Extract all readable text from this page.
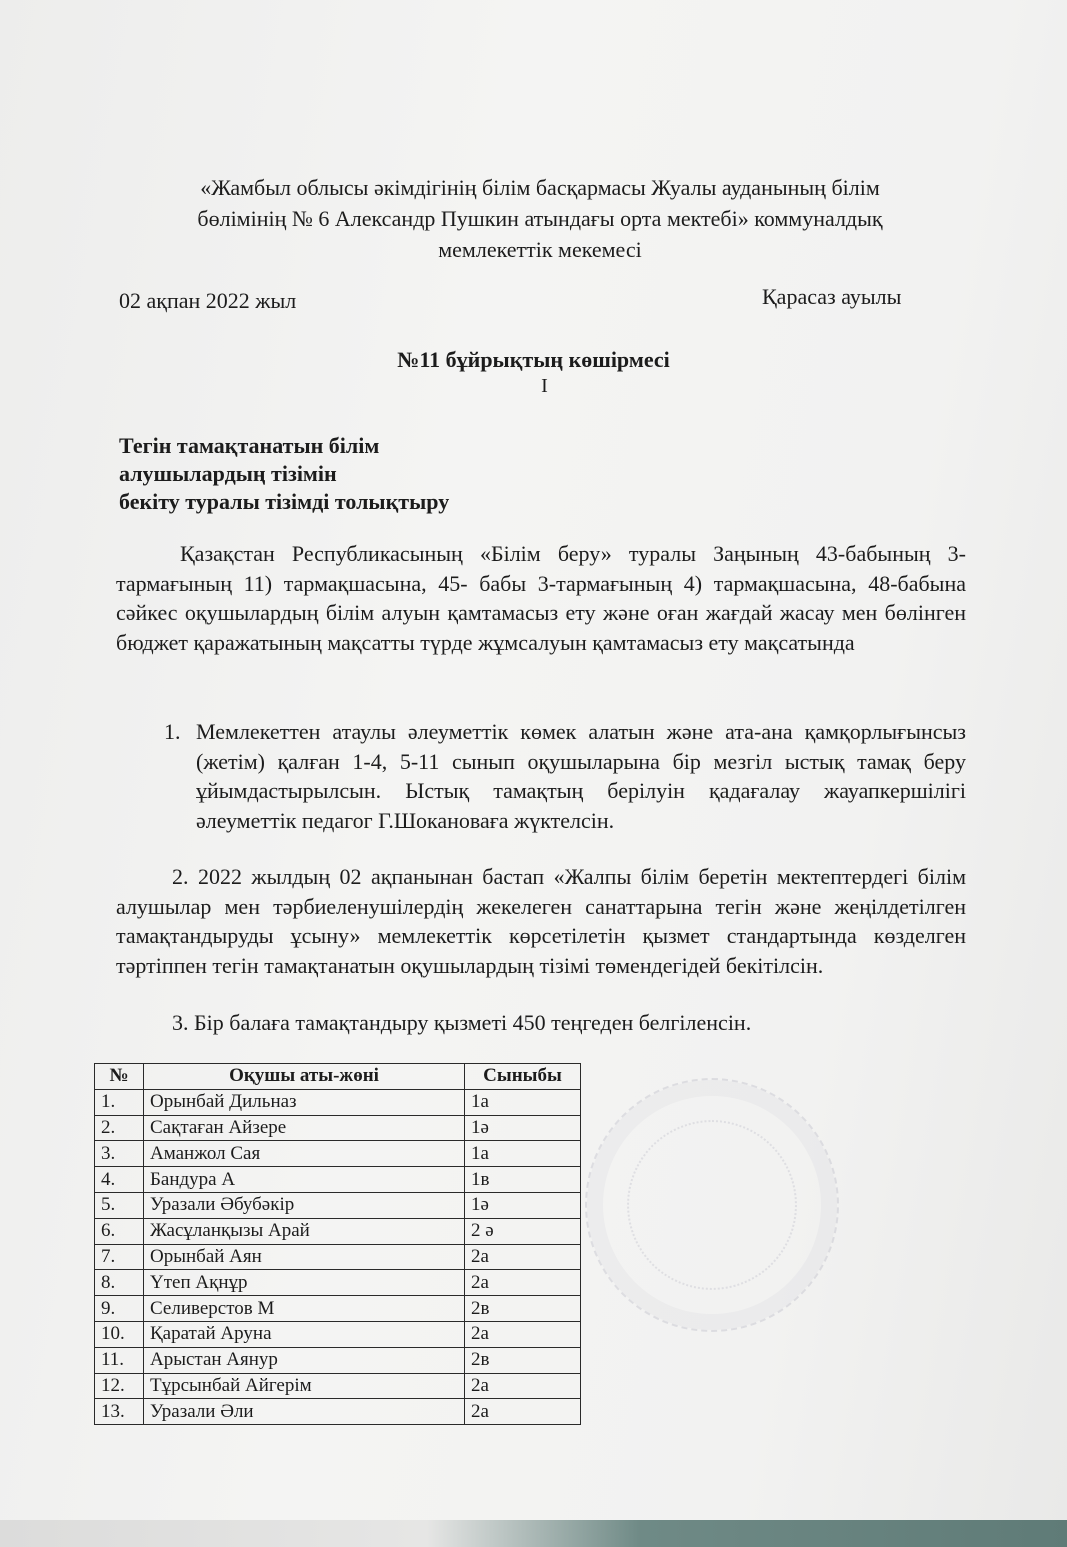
«Жамбыл облысы әкімдігінің білім басқармасы Жуалы ауданының білім
бөлімінің № 6 Александр Пушкин атындағы орта мектебі» коммуналдық
мемлекеттік мекемесі
02 ақпан 2022 жыл	Қарасаз ауылы
№11 бұйрықтың көшірмесі
I
Тегін тамақтанатын білім
алушылардың тізімін
бекіту туралы тізімді толықтыру
Қазақстан Республикасының «Білім беру» туралы Заңының 43-бабының 3-тармағының 11) тармақшасына, 45- бабы 3-тармағының 4) тармақшасына, 48-бабына сәйкес оқушылардың білім алуын қамтамасыз ету және оған жағдай жасау мен бөлінген бюджет қаражатының мақсатты түрде жұмсалуын қамтамасыз ету мақсатында
1. Мемлекеттен атаулы әлеуметтік көмек алатын және ата-ана қамқорлығынсыз (жетім) қалған 1-4, 5-11 сынып оқушыларына бір мезгіл ыстық тамақ беру ұйымдастырылсын. Ыстық тамақтың берілуін қадағалау жауапкершілігі әлеуметтік педагог Г.Шокановаға жүктелсін.
2. 2022 жылдың 02 ақпанынан бастап «Жалпы білім беретін мектептердегі білім алушылар мен тәрбиеленушілердің жекелеген санаттарына тегін және жеңілдетілген тамақтандыруды ұсыну» мемлекеттік көрсетілетін қызмет стандартында көзделген тәртіппен тегін тамақтанатын оқушылардың тізімі төмендегідей бекітілсін.
3. Бір балаға тамақтандыру қызметі 450 теңгеден белгіленсін.
№	Оқушы аты-жөні	Сыныбы
1.	Орынбай Дильназ	1а
2.	Сақтаған Айзере	1ә
3.	Аманжол Сая	1а
4.	Бандура А	1в
5.	Уразали Әбубәкір	1ә
6.	Жасұланқызы Арай	2 ә
7.	Орынбай Аян	2а
8.	Үтеп Ақнұр	2а
9.	Селиверстов М	2в
10.	Қаратай Аруна	2а
11.	Арыстан Аянур	2в
12.	Тұрсынбай Айгерім	2а
13.	Уразали Әли	2а
